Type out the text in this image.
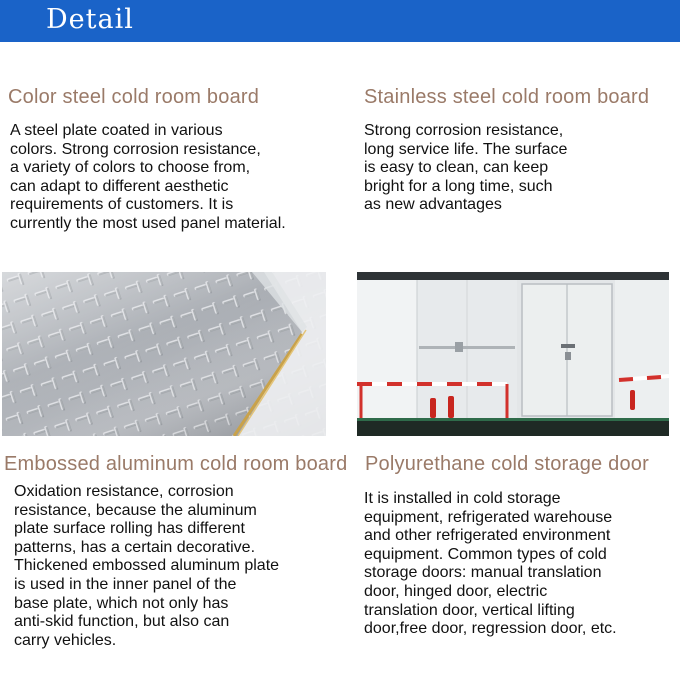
Detail
Color steel cold room board
A steel plate coated in various
colors. Strong corrosion resistance,
a variety of colors to choose from,
can adapt to different aesthetic
requirements of customers. It is
currently the most used panel material.
Stainless steel cold room board
Strong corrosion resistance,
long service life. The surface
is easy to clean, can keep
bright for a long time, such
as new advantages
Embossed aluminum cold room board
Oxidation resistance, corrosion
resistance, because the aluminum
plate surface rolling has different
patterns, has a certain decorative.
Thickened embossed aluminum plate
is used in the inner panel of the
base plate, which not only has
anti-skid function, but also can
carry vehicles.
Polyurethane cold storage door
It is installed in cold storage
equipment, refrigerated warehouse
and other refrigerated environment
equipment. Common types of cold
storage doors: manual translation
door, hinged door, electric
translation door, vertical lifting
door,free door, regression door, etc.
